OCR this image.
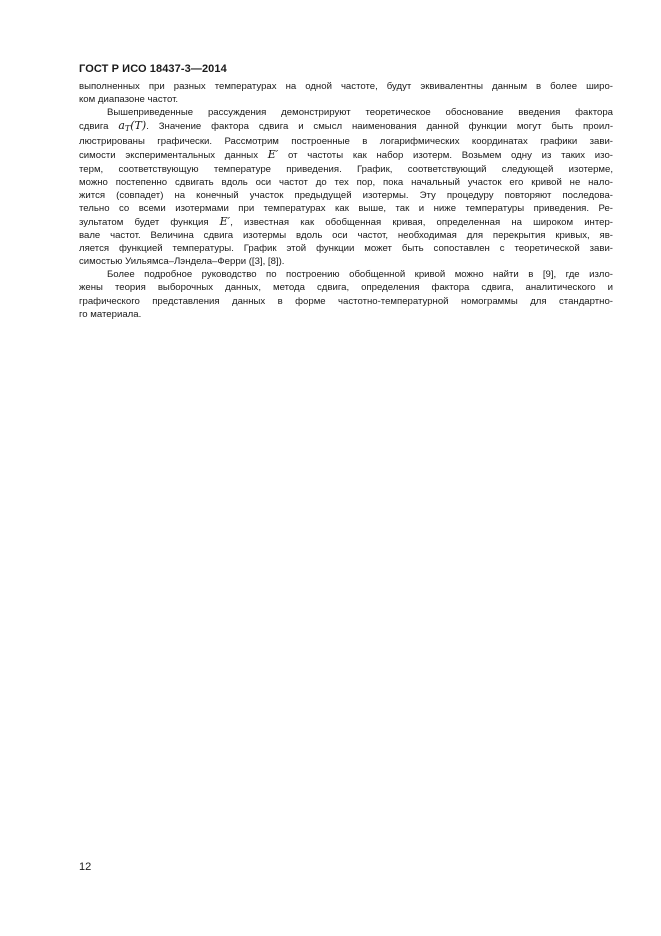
ГОСТ Р ИСО 18437-3—2014

выполненных при разных температурах на одной частоте, будут эквивалентны данным в более широ-
ком диапазоне частот.

Вышеприведенные рассуждения демонстрируют теоретическое обоснование введения фактора
сдвига $a_T(T)$. Значение фактора сдвига и смысл наименования данной функции могут быть проил-
люстрированы графически. Рассмотрим построенные в логарифмических координатах графики зави-
симости экспериментальных данных E′ от частоты как набор изотерм. Возьмем одну из таких изо-
терм, соответствующую температуре приведения. График, соответствующий следующей изотерме,
можно постепенно сдвигать вдоль оси частот до тех пор, пока начальный участок его кривой не нало-
жится (совпадет) на конечный участок предыдущей изотермы. Эту процедуру повторяют последова-
тельно со всеми изотермами при температурах как выше, так и ниже температуры приведения. Ре-
зультатом будет функция E′, известная как обобщенная кривая, определенная на широком интер-
вале частот. Величина сдвига изотермы вдоль оси частот, необходимая для перекрытия кривых, яв-
ляется функцией температуры. График этой функции может быть сопоставлен с теоретической зави-
симостью Уильямса–Лэндела–Ферри ([3], [8]).

Более подробное руководство по построению обобщенной кривой можно найти в [9], где изло-
жены теория выборочных данных, метода сдвига, определения фактора сдвига, аналитического и
графического представления данных в форме частотно-температурной номограммы для стандартно-
го материала.

12
